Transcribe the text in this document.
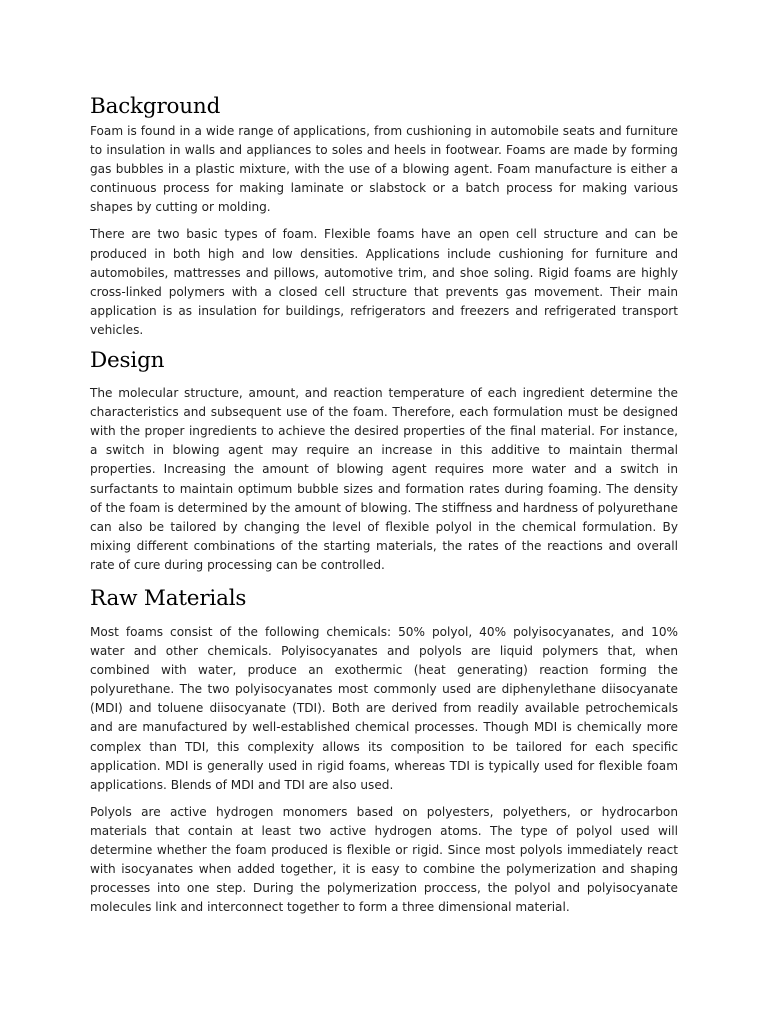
Background

Foam is found in a wide range of applications, from cushioning in automobile seats and furniture to insulation in walls and appliances to soles and heels in footwear. Foams are made by forming gas bubbles in a plastic mixture, with the use of a blowing agent. Foam manufacture is either a continuous process for making laminate or slabstock or a batch process for making various shapes by cutting or molding.

There are two basic types of foam. Flexible foams have an open cell structure and can be produced in both high and low densities. Applications include cushioning for furniture and automobiles, mattresses and pillows, automotive trim, and shoe soling. Rigid foams are highly cross-linked polymers with a closed cell structure that prevents gas movement. Their main application is as insulation for buildings, refrigerators and freezers and refrigerated transport vehicles.

Design

The molecular structure, amount, and reaction temperature of each ingredient determine the characteristics and subsequent use of the foam. Therefore, each formulation must be designed with the proper ingredients to achieve the desired properties of the final material. For instance, a switch in blowing agent may require an increase in this additive to maintain thermal properties. Increasing the amount of blowing agent requires more water and a switch in surfactants to maintain optimum bubble sizes and formation rates during foaming. The density of the foam is determined by the amount of blowing. The stiffness and hardness of polyurethane can also be tailored by changing the level of flexible polyol in the chemical formulation. By mixing different combinations of the starting materials, the rates of the reactions and overall rate of cure during processing can be controlled.

Raw Materials

Most foams consist of the following chemicals: 50% polyol, 40% polyisocyanates, and 10% water and other chemicals. Polyisocyanates and polyols are liquid polymers that, when combined with water, produce an exothermic (heat generating) reaction forming the polyurethane. The two polyisocyanates most commonly used are diphenylethane diisocyanate (MDI) and toluene diisocyanate (TDI). Both are derived from readily available petrochemicals and are manufactured by well-established chemical processes. Though MDI is chemically more complex than TDI, this complexity allows its composition to be tailored for each specific application. MDI is generally used in rigid foams, whereas TDI is typically used for flexible foam applications. Blends of MDI and TDI are also used.

Polyols are active hydrogen monomers based on polyesters, polyethers, or hydrocarbon materials that contain at least two active hydrogen atoms. The type of polyol used will determine whether the foam produced is flexible or rigid. Since most polyols immediately react with isocyanates when added together, it is easy to combine the polymerization and shaping processes into one step. During the polymerization proccess, the polyol and polyisocyanate molecules link and interconnect together to form a three dimensional material.
